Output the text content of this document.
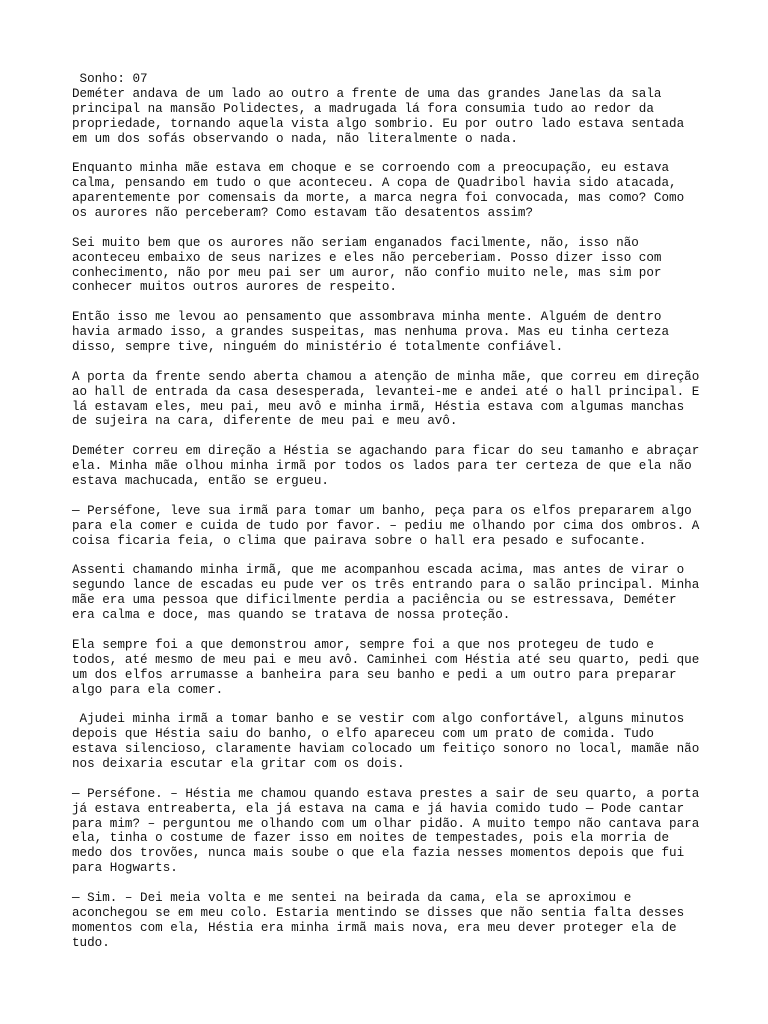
Sonho: 07
Deméter andava de um lado ao outro a frente de uma das grandes Janelas da sala
principal na mansão Polidectes, a madrugada lá fora consumia tudo ao redor da
propriedade, tornando aquela vista algo sombrio. Eu por outro lado estava sentada
em um dos sofás observando o nada, não literalmente o nada.
Enquanto minha mãe estava em choque e se corroendo com a preocupação, eu estava
calma, pensando em tudo o que aconteceu. A copa de Quadribol havia sido atacada,
aparentemente por comensais da morte, a marca negra foi convocada, mas como? Como
os aurores não perceberam? Como estavam tão desatentos assim?
Sei muito bem que os aurores não seriam enganados facilmente, não, isso não
aconteceu embaixo de seus narizes e eles não perceberiam. Posso dizer isso com
conhecimento, não por meu pai ser um auror, não confio muito nele, mas sim por
conhecer muitos outros aurores de respeito.
Então isso me levou ao pensamento que assombrava minha mente. Alguém de dentro
havia armado isso, a grandes suspeitas, mas nenhuma prova. Mas eu tinha certeza
disso, sempre tive, ninguém do ministério é totalmente confiável.
A porta da frente sendo aberta chamou a atenção de minha mãe, que correu em direção
ao hall de entrada da casa desesperada, levantei-me e andei até o hall principal. E
lá estavam eles, meu pai, meu avô e minha irmã, Héstia estava com algumas manchas
de sujeira na cara, diferente de meu pai e meu avô.
Deméter correu em direção a Héstia se agachando para ficar do seu tamanho e abraçar
ela. Minha mãe olhou minha irmã por todos os lados para ter certeza de que ela não
estava machucada, então se ergueu.
— Perséfone, leve sua irmã para tomar um banho, peça para os elfos prepararem algo
para ela comer e cuida de tudo por favor. – pediu me olhando por cima dos ombros. A
coisa ficaria feia, o clima que pairava sobre o hall era pesado e sufocante.
Assenti chamando minha irmã, que me acompanhou escada acima, mas antes de virar o
segundo lance de escadas eu pude ver os três entrando para o salão principal. Minha
mãe era uma pessoa que dificilmente perdia a paciência ou se estressava, Deméter
era calma e doce, mas quando se tratava de nossa proteção.
Ela sempre foi a que demonstrou amor, sempre foi a que nos protegeu de tudo e
todos, até mesmo de meu pai e meu avô. Caminhei com Héstia até seu quarto, pedi que
um dos elfos arrumasse a banheira para seu banho e pedi a um outro para preparar
algo para ela comer.
Ajudei minha irmã a tomar banho e se vestir com algo confortável, alguns minutos
depois que Héstia saiu do banho, o elfo apareceu com um prato de comida. Tudo
estava silencioso, claramente haviam colocado um feitiço sonoro no local, mamãe não
nos deixaria escutar ela gritar com os dois.
— Perséfone. – Héstia me chamou quando estava prestes a sair de seu quarto, a porta
já estava entreaberta, ela já estava na cama e já havia comido tudo — Pode cantar
para mim? – perguntou me olhando com um olhar pidão. A muito tempo não cantava para
ela, tinha o costume de fazer isso em noites de tempestades, pois ela morria de
medo dos trovões, nunca mais soube o que ela fazia nesses momentos depois que fui
para Hogwarts.
— Sim. – Dei meia volta e me sentei na beirada da cama, ela se aproximou e
aconchegou se em meu colo. Estaria mentindo se disses que não sentia falta desses
momentos com ela, Héstia era minha irmã mais nova, era meu dever proteger ela de
tudo.
